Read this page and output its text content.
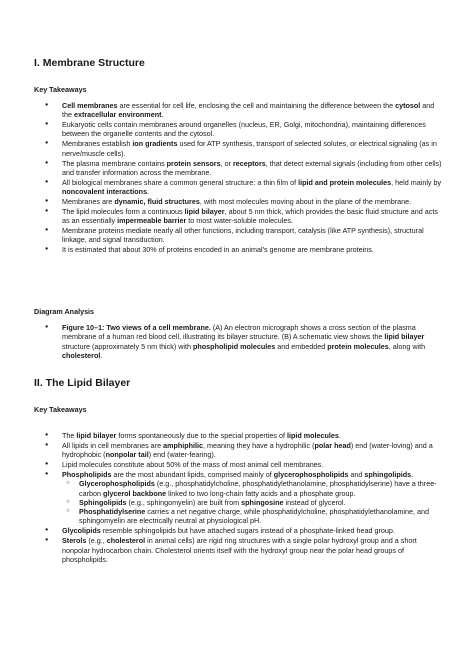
I. Membrane Structure
Key Takeaways
● Cell membranes are essential for cell life, enclosing the cell and maintaining the difference between the cytosol and the extracellular environment.
● Eukaryotic cells contain membranes around organelles (nucleus, ER, Golgi, mitochondria), maintaining differences between the organelle contents and the cytosol.
● Membranes establish ion gradients used for ATP synthesis, transport of selected solutes, or electrical signaling (as in nerve/muscle cells).
● The plasma membrane contains protein sensors, or receptors, that detect external signals (including from other cells) and transfer information across the membrane.
● All biological membranes share a common general structure: a thin film of lipid and protein molecules, held mainly by noncovalent interactions.
● Membranes are dynamic, fluid structures, with most molecules moving about in the plane of the membrane.
● The lipid molecules form a continuous lipid bilayer, about 5 nm thick, which provides the basic fluid structure and acts as an essentially impermeable barrier to most water-soluble molecules.
● Membrane proteins mediate nearly all other functions, including transport, catalysis (like ATP synthesis), structural linkage, and signal transduction.
● It is estimated that about 30% of proteins encoded in an animal's genome are membrane proteins.
Diagram Analysis
● Figure 10–1: Two views of a cell membrane. (A) An electron micrograph shows a cross section of the plasma membrane of a human red blood cell, illustrating its bilayer structure. (B) A schematic view shows the lipid bilayer structure (approximately 5 nm thick) with phospholipid molecules and embedded protein molecules, along with cholesterol.
II. The Lipid Bilayer
Key Takeaways
● The lipid bilayer forms spontaneously due to the special properties of lipid molecules.
● All lipids in cell membranes are amphiphilic, meaning they have a hydrophilic (polar head) end (water-loving) and a hydrophobic (nonpolar tail) end (water-fearing).
● Lipid molecules constitute about 50% of the mass of most animal cell membranes.
● Phospholipids are the most abundant lipids, comprised mainly of glycerophospholipids and sphingolipids.
○ Glycerophospholipids (e.g., phosphatidylcholine, phosphatidylethanolamine, phosphatidylserine) have a three-carbon glycerol backbone linked to two long-chain fatty acids and a phosphate group.
○ Sphingolipids (e.g., sphingomyelin) are built from sphingosine instead of glycerol.
○ Phosphatidylserine carries a net negative charge, while phosphatidylcholine, phosphatidylethanolamine, and sphingomyelin are electrically neutral at physiological pH.
● Glycolipids resemble sphingolipids but have attached sugars instead of a phosphate-linked head group.
● Sterols (e.g., cholesterol in animal cells) are rigid ring structures with a single polar hydroxyl group and a short nonpolar hydrocarbon chain. Cholesterol orients itself with the hydroxyl group near the polar head groups of phospholipids.
